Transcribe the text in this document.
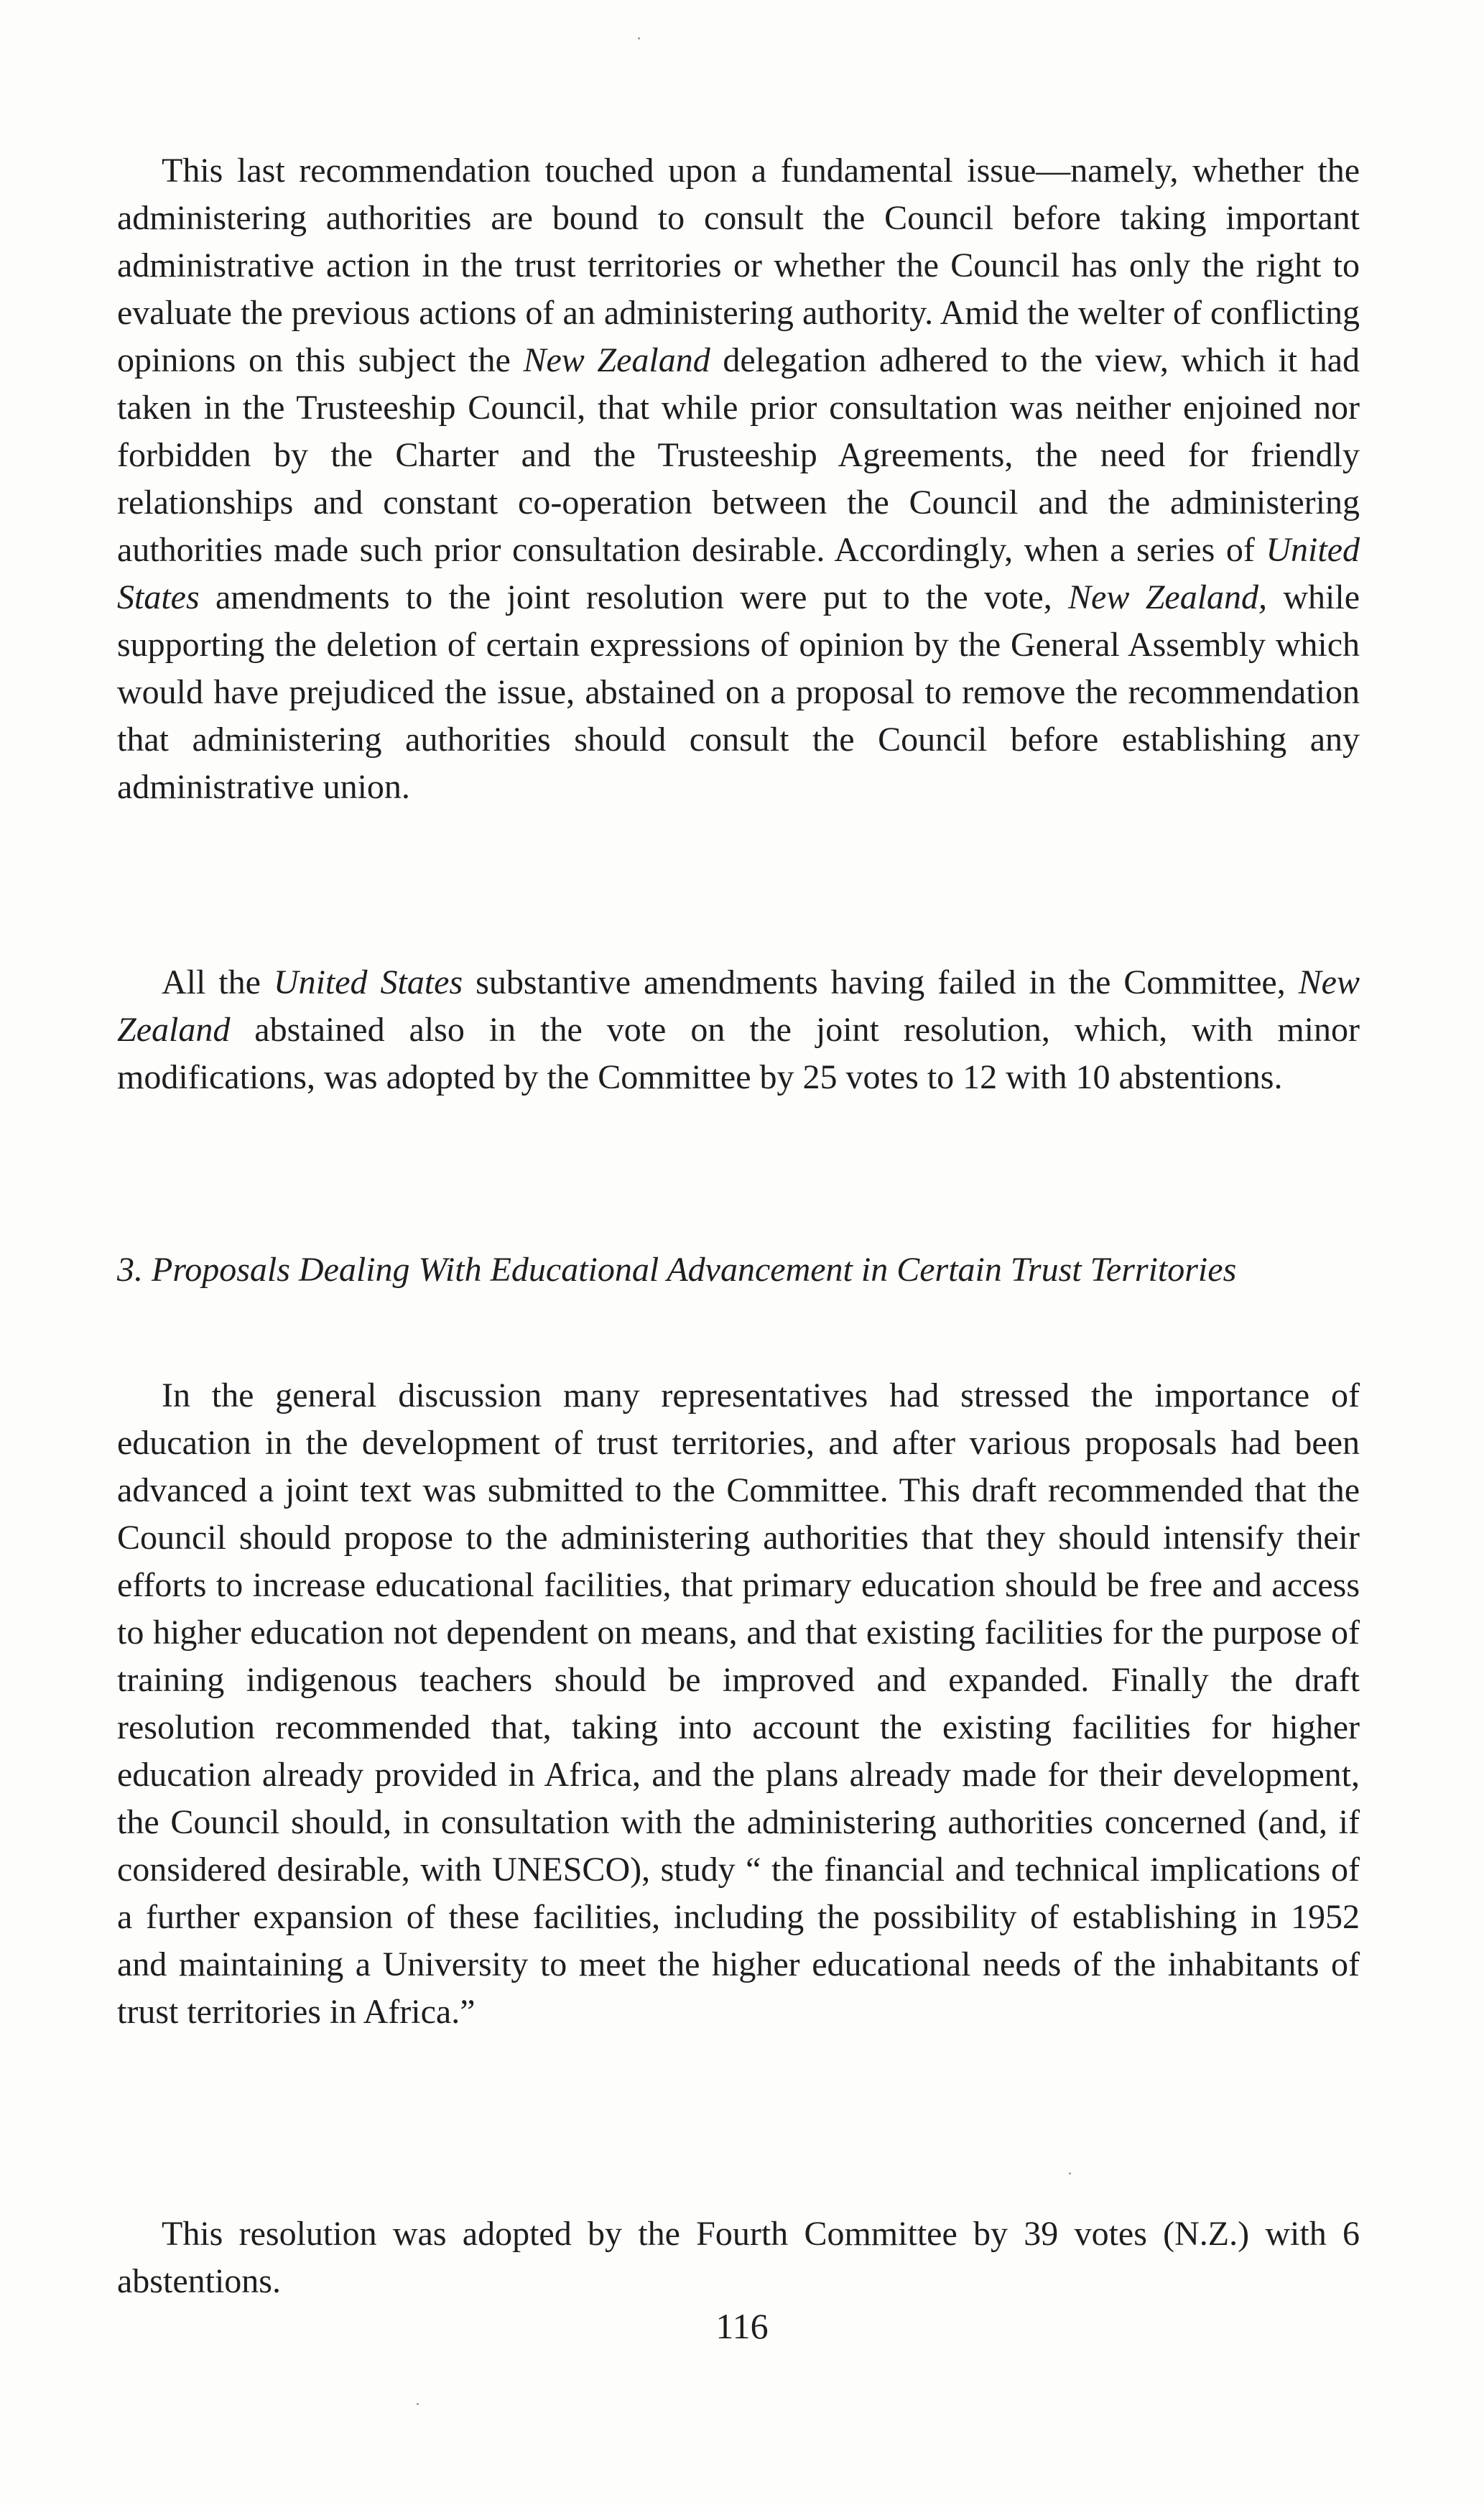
This last recommendation touched upon a fundamental issue—namely, whether the administering authorities are bound to consult the Council before taking important administrative action in the trust territories or whether the Council has only the right to evaluate the previous actions of an administering authority. Amid the welter of conflicting opinions on this subject the New Zealand delegation adhered to the view, which it had taken in the Trusteeship Council, that while prior consultation was neither enjoined nor forbidden by the Charter and the Trusteeship Agreements, the need for friendly relationships and constant co-operation between the Council and the administering authorities made such prior consultation desirable. Accordingly, when a series of United States amendments to the joint resolution were put to the vote, New Zealand, while supporting the deletion of certain expressions of opinion by the General Assembly which would have prejudiced the issue, abstained on a proposal to remove the recommendation that administering authorities should consult the Council before establishing any administrative union.

All the United States substantive amendments having failed in the Committee, New Zealand abstained also in the vote on the joint resolution, which, with minor modifications, was adopted by the Committee by 25 votes to 12 with 10 abstentions.

3. Proposals Dealing With Educational Advancement in Certain Trust Territories

In the general discussion many representatives had stressed the importance of education in the development of trust territories, and after various proposals had been advanced a joint text was submitted to the Committee. This draft recommended that the Council should propose to the administering authorities that they should intensify their efforts to increase educational facilities, that primary education should be free and access to higher education not dependent on means, and that existing facilities for the purpose of training indigenous teachers should be improved and expanded. Finally the draft resolution recommended that, taking into account the existing facilities for higher education already provided in Africa, and the plans already made for their development, the Council should, in consultation with the administering authorities concerned (and, if considered desirable, with UNESCO), study “ the financial and technical implications of a further expansion of these facilities, including the possibility of establishing in 1952 and maintaining a University to meet the higher educational needs of the inhabitants of trust territories in Africa.”

This resolution was adopted by the Fourth Committee by 39 votes (N.Z.) with 6 abstentions.

116
